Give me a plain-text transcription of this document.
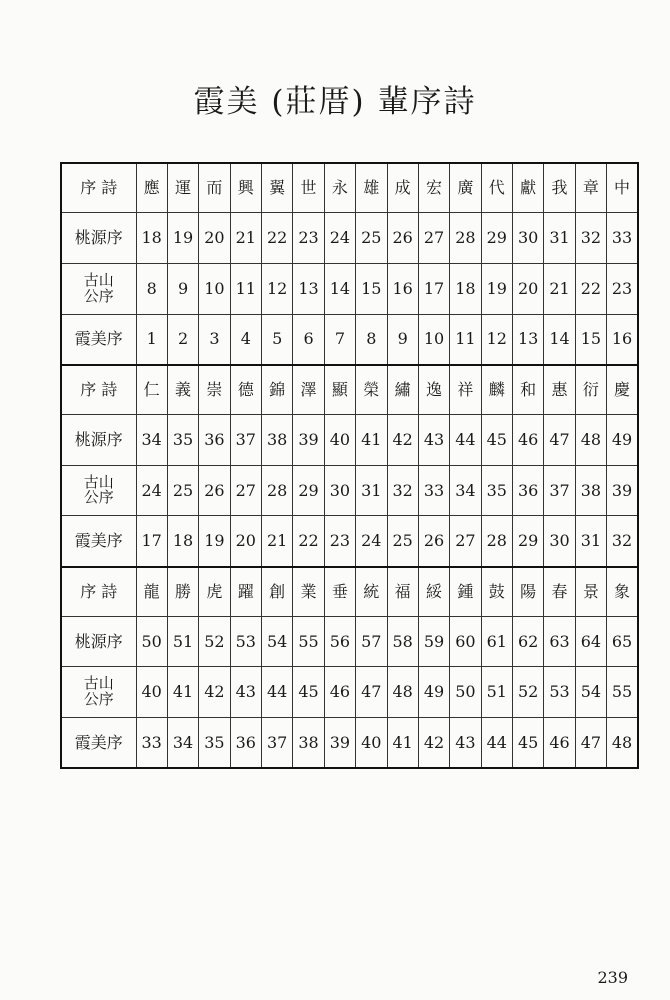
霞美 (莊厝) 輩序詩
序 詩	應	運	而	興	翼	世	永	雄	成	宏	廣	代	獻	我	章	中
桃源序	18	19	20	21	22	23	24	25	26	27	28	29	30	31	32	33
古山
公序	8	9	10	11	12	13	14	15	16	17	18	19	20	21	22	23
霞美序	1	2	3	4	5	6	7	8	9	10	11	12	13	14	15	16
序 詩	仁	義	崇	德	錦	澤	顯	榮	繡	逸	祥	麟	和	惠	衍	慶
桃源序	34	35	36	37	38	39	40	41	42	43	44	45	46	47	48	49
古山
公序	24	25	26	27	28	29	30	31	32	33	34	35	36	37	38	39
霞美序	17	18	19	20	21	22	23	24	25	26	27	28	29	30	31	32
序 詩	龍	勝	虎	躍	創	業	垂	統	福	綏	鍾	鼓	陽	春	景	象
桃源序	50	51	52	53	54	55	56	57	58	59	60	61	62	63	64	65
古山
公序	40	41	42	43	44	45	46	47	48	49	50	51	52	53	54	55
霞美序	33	34	35	36	37	38	39	40	41	42	43	44	45	46	47	48
239
